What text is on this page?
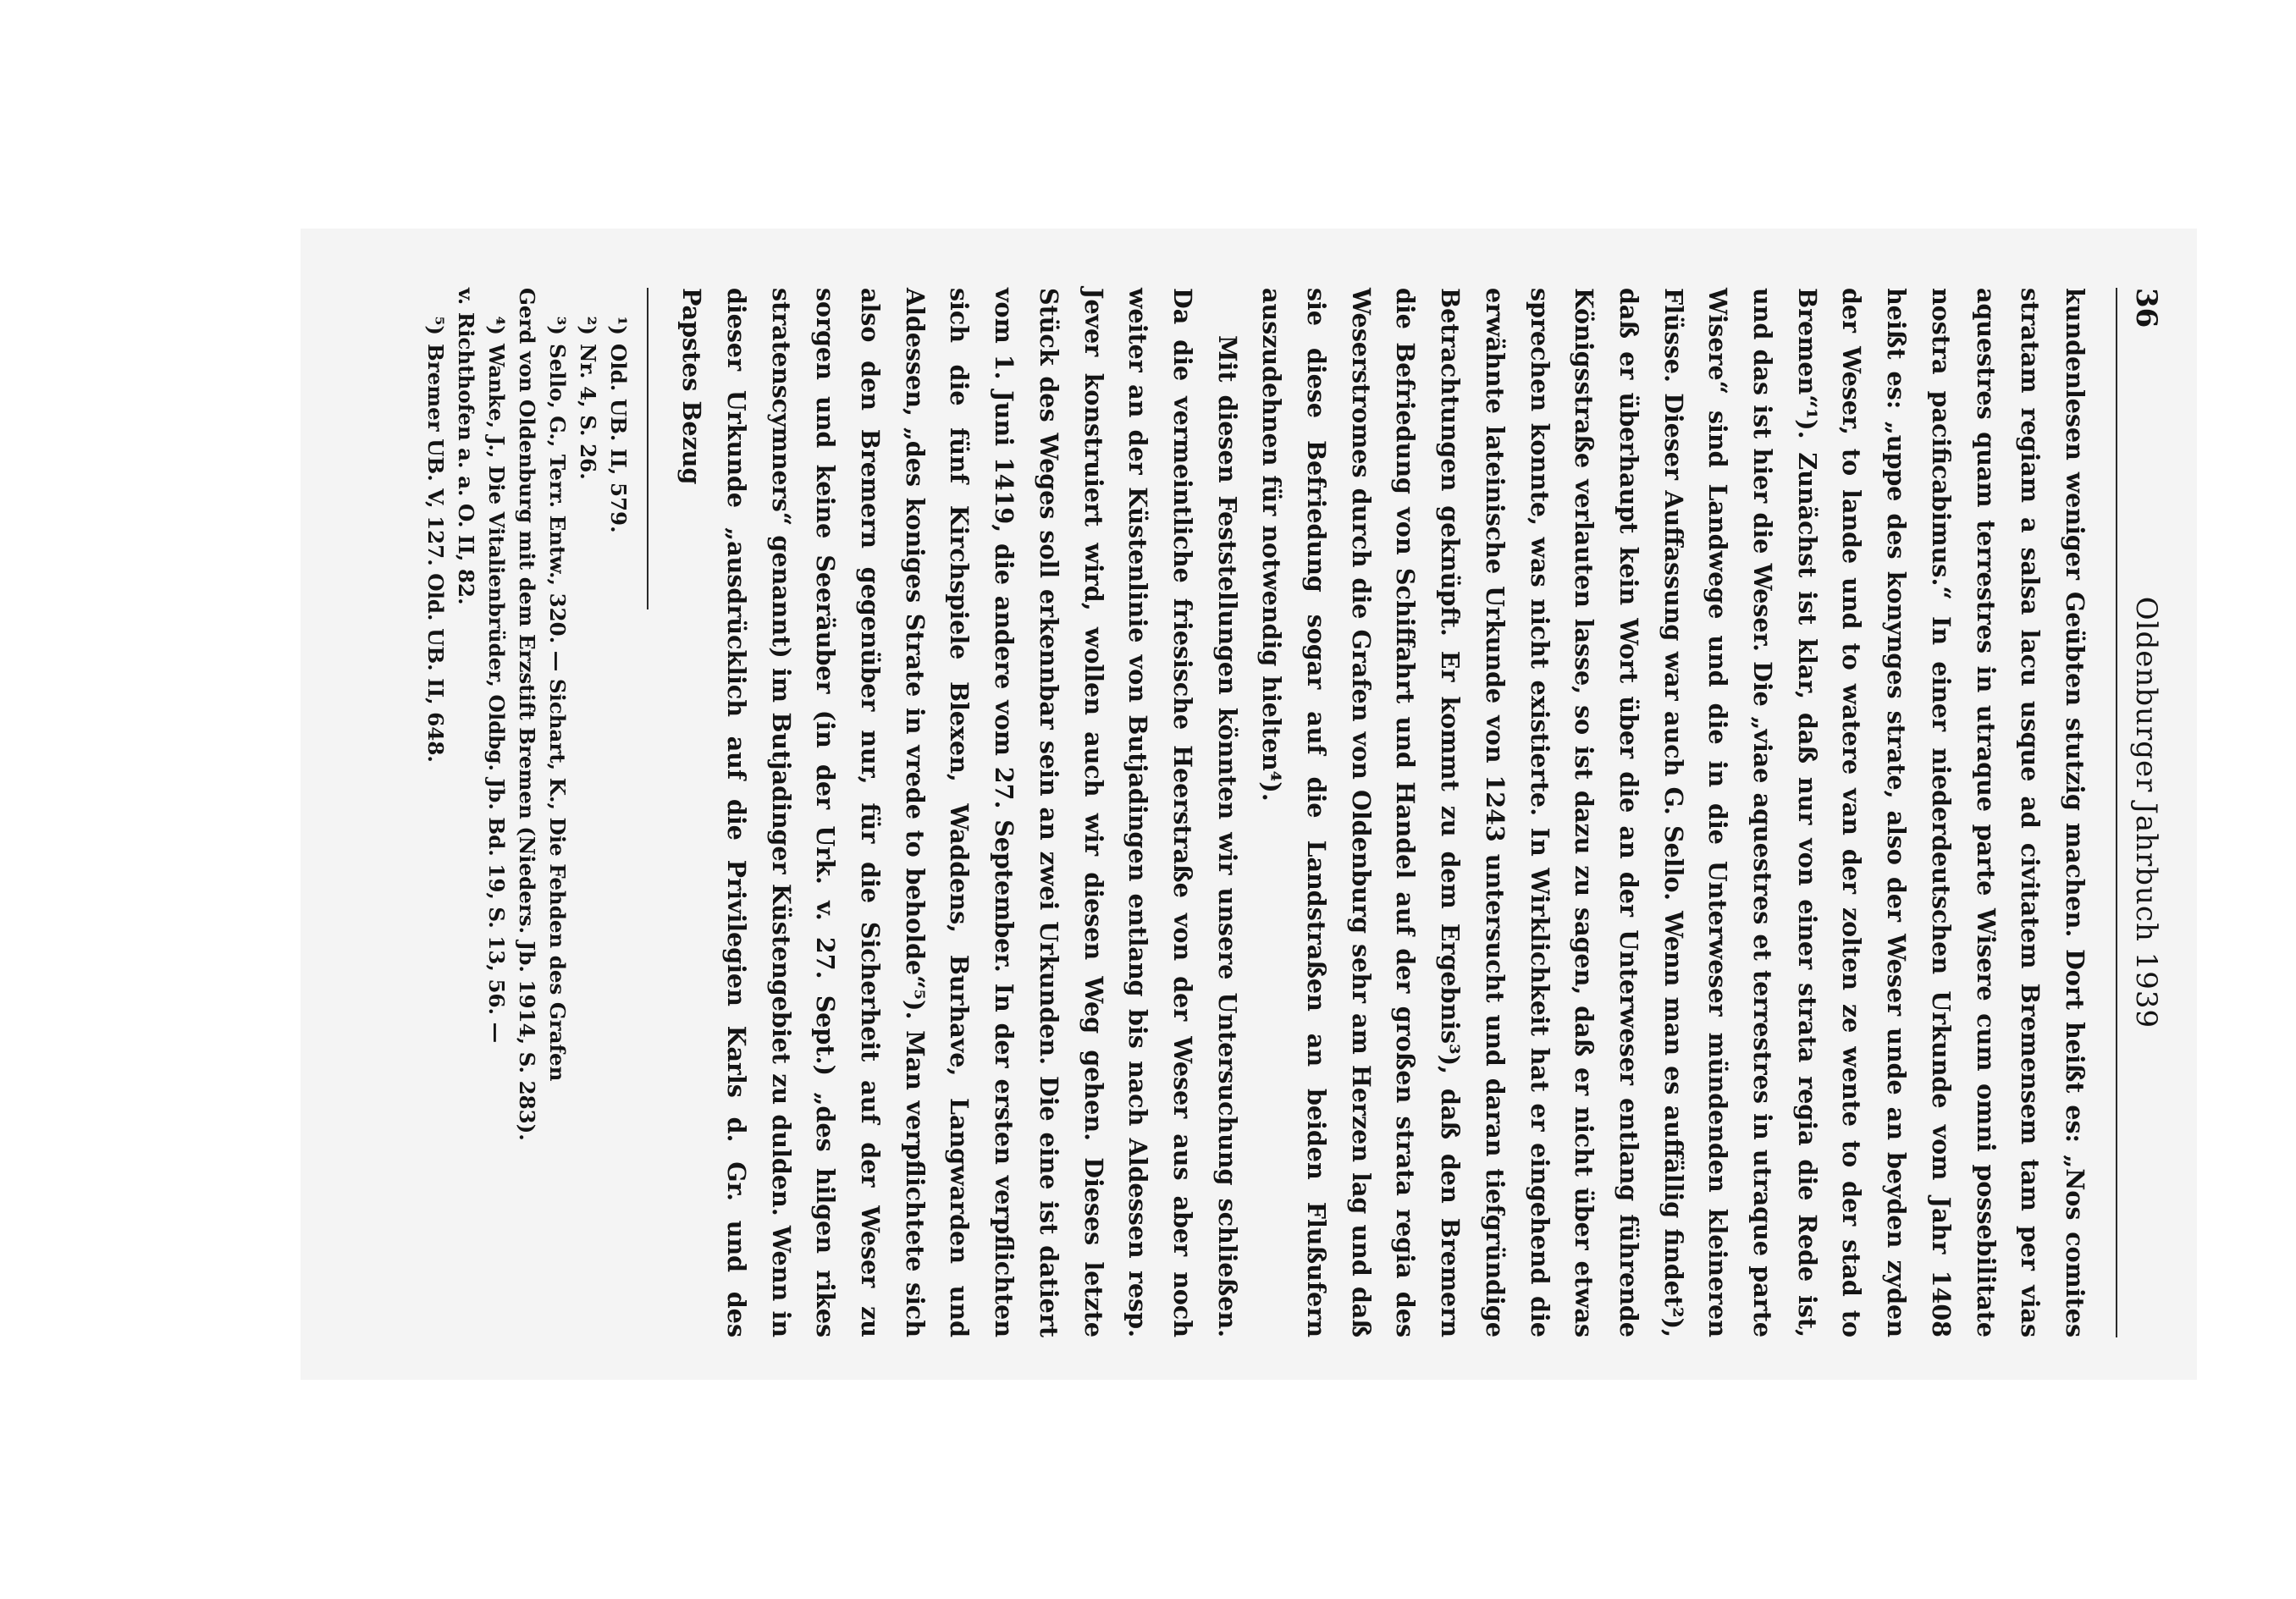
36
Oldenburger Jahrbuch 1939

kundenlesen weniger Geübten stutzig machen. Dort heißt es: „Nos comites stratam regiam a salsa lacu usque ad civitatem Bremensem tam per vias aquestres quam terrestres in utraque parte Wisere cum omni possebilitate nostra pacificabimus.“ In einer niederdeutschen Urkunde vom Jahr 1408 heißt es: „uppe des konynges strate, also der Weser unde an beyden zyden der Weser, to lande und to watere van der zolten ze wente to der stad to Bremen“¹). Zunächst ist klar, daß nur von einer strata regia die Rede ist, und das ist hier die Weser. Die „viae aquestres et terrestres in utraque parte Wisere“ sind Landwege und die in die Unterweser mündenden kleineren Flüsse. Dieser Auffassung war auch G. Sello. Wenn man es auffällig findet²), daß er überhaupt kein Wort über die an der Unterweser entlang führende Königsstraße verlauten lasse, so ist dazu zu sagen, daß er nicht über etwas sprechen konnte, was nicht existierte. In Wirklichkeit hat er eingehend die erwähnte lateinische Urkunde von 1243 untersucht und daran tiefgründige Betrachtungen geknüpft. Er kommt zu dem Ergebnis³), daß den Bremern die Befriedung von Schiffahrt und Handel auf der großen strata regia des Weserstromes durch die Grafen von Oldenburg sehr am Herzen lag und daß sie diese Befriedung sogar auf die Landstraßen an beiden Flußufern auszudehnen für notwendig hielten⁴).

Mit diesen Feststellungen könnten wir unsere Untersuchung schließen. Da die vermeintliche friesische Heerstraße von der Weser aus aber noch weiter an der Küstenlinie von Butjadingen entlang bis nach Aldessen resp. Jever konstruiert wird, wollen auch wir diesen Weg gehen. Dieses letzte Stück des Weges soll erkennbar sein an zwei Urkunden. Die eine ist datiert vom 1. Juni 1419, die andere vom 27. September. In der ersten verpflichten sich die fünf Kirchspiele Blexen, Waddens, Burhave, Langwarden und Aldessen, „des koniges Strate in vrede to beholde“⁵). Man verpflichtete sich also den Bremern gegenüber nur, für die Sicherheit auf der Weser zu sorgen und keine Seeräuber (in der Urk. v. 27. Sept.) „des hilgen rikes stratenscymners“ genannt) im Butjadinger Küstengebiet zu dulden. Wenn in dieser Urkunde „ausdrücklich auf die Privilegien Karls d. Gr. und des Papstes Bezug

¹)Old. UB. II, 579.

²)Nr. 4, S. 26.

³)Sello, G., Terr. Entw., 320. — Sichart, K., Die Fehden des Grafen

Gerd von Oldenburg mit dem Erzstift Bremen (Nieders. Jb. 1914, S. 283).

⁴)Wanke, J., Die Vitalienbrüder, Oldbg. Jb. Bd. 19, S. 13, 56. —

v. Richthofen a. a. O. II, 82.

⁵)Bremer UB. V, 127. Old. UB. II, 648.
